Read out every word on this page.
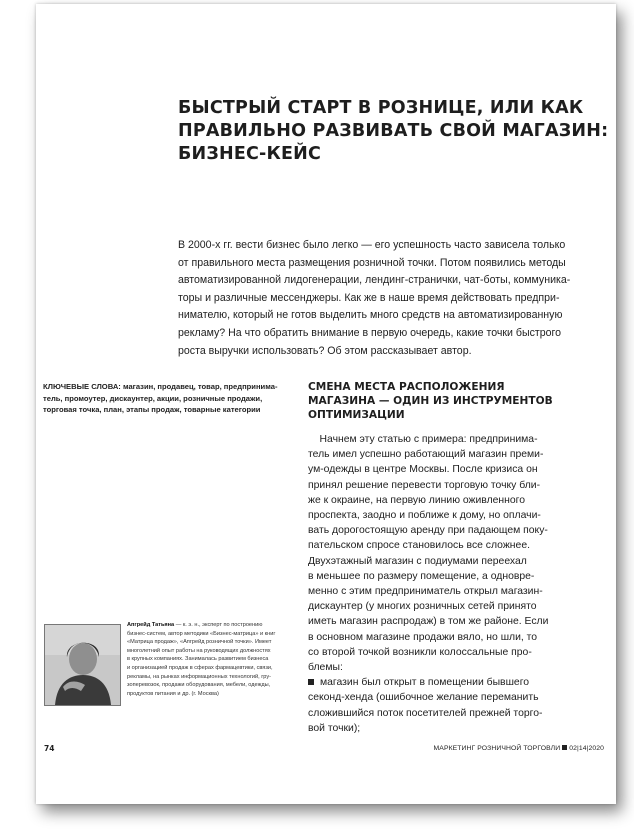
БЫСТРЫЙ СТАРТ В РОЗНИЦЕ, ИЛИ КАК
ПРАВИЛЬНО РАЗВИВАТЬ СВОЙ МАГАЗИН:
БИЗНЕС-КЕЙС
В 2000-х гг. вести бизнес было легко — его успешность часто зависела только
от правильного места размещения розничной точки. Потом появились методы
автоматизированной лидогенерации, лендинг-странички, чат-боты, коммуника-
торы и различные мессенджеры. Как же в наше время действовать предпри-
нимателю, который не готов выделить много средств на автоматизированную
рекламу? На что обратить внимание в первую очередь, какие точки быстрого
роста выручки использовать? Об этом рассказывает автор.
КЛЮЧЕВЫЕ СЛОВА: магазин, продавец, товар, предпринима-
тель, промоутер, дискаунтер, акции, розничные продажи,
торговая точка, план, этапы продаж, товарные категории
СМЕНА МЕСТА РАСПОЛОЖЕНИЯ
МАГАЗИНА — ОДИН ИЗ ИНСТРУМЕНТОВ
ОПТИМИЗАЦИИ
Начнем эту статью с примера: предпринима-
тель имел успешно работающий магазин преми-
ум-одежды в центре Москвы. После кризиса он
принял решение перевести торговую точку бли-
же к окраине, на первую линию оживленного
проспекта, заодно и поближе к дому, но оплачи-
вать дорогостоящую аренду при падающем поку-
пательском спросе становилось все сложнее.
Двухэтажный магазин с подиумами переехал
в меньшее по размеру помещение, а одновре-
менно с этим предприниматель открыл магазин-
дискаунтер (у многих розничных сетей принято
иметь магазин распродаж) в том же районе. Если
в основном магазине продажи вяло, но шли, то
со второй точкой возникли колоссальные про-
блемы:
магазин был открыт в помещении бывшего
секонд-хенда (ошибочное желание переманить
сложившийся поток посетителей прежней торго-
вой точки);
Апгрейд Татьяна — к. э. н., эксперт по построению
бизнес-систем, автор методики «Бизнес-матрица» и книг
«Матрица продаж», «Апгрейд розничной точки». Имеет
многолетний опыт работы на руководящих должностях
в крупных компаниях. Занималась развитием бизнеса
и организацией продаж в сферах фармацевтики, связи,
рекламы, на рынках информационных технологий, гру-
зоперевозок, продажи оборудования, мебели, одежды,
продуктов питания и др. (г. Москва)
74	МАРКЕТИНГ РОЗНИЧНОЙ ТОРГОВЛИ 02|14|2020
